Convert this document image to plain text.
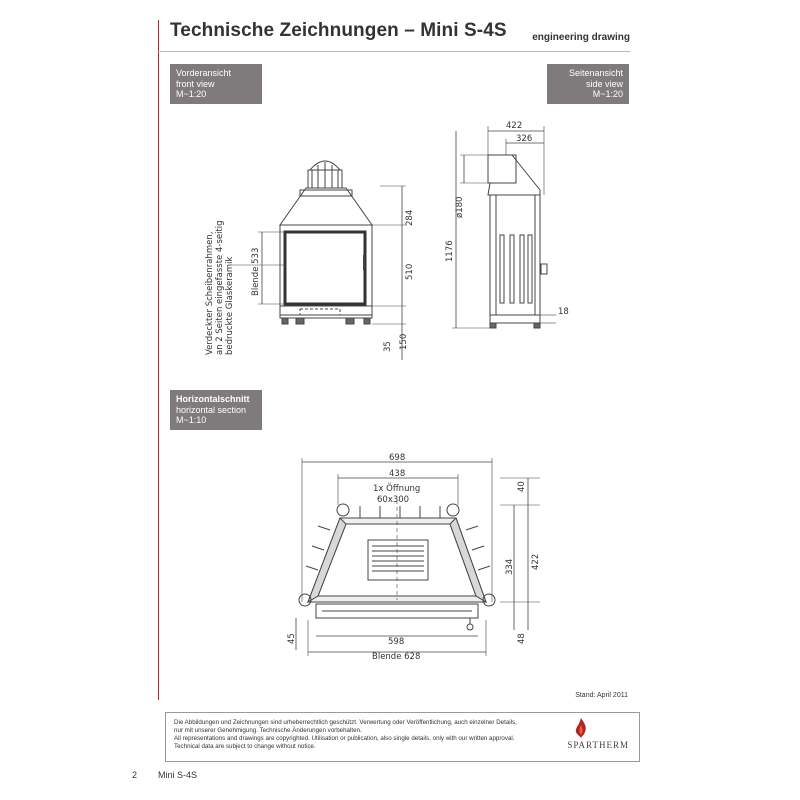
Technische Zeichnungen – Mini S-4S	engineering drawing
Vorderansicht
front view
M~1:20
Seitenansicht
side view
M~1:20
Horizontalschnitt
horizontal section
M~1:10
284
510
35 150
Blende 533
Verdeckter Scheibenrahmen, an 2 Seiten eingefasste 4-seitig bedruckte Glaskeramik
422
326
ø180
1176
18
698
438
1x Öffnung
60x300
40
334 422
45	48
598
Blende 628
Stand: April 2011
Die Abbildungen und Zeichnungen sind urheberrechtlich geschützt. Verwertung oder Veröffentlichung, auch einzelner Details,
nur mit unserer Genehmigung. Technische Änderungen vorbehalten.
All representations and drawings are copyrighted. Utilisation or publication, also single details, only with our written approval.
Technical data are subject to change without notice.	SPARTHERM
2 Mini S-4S
